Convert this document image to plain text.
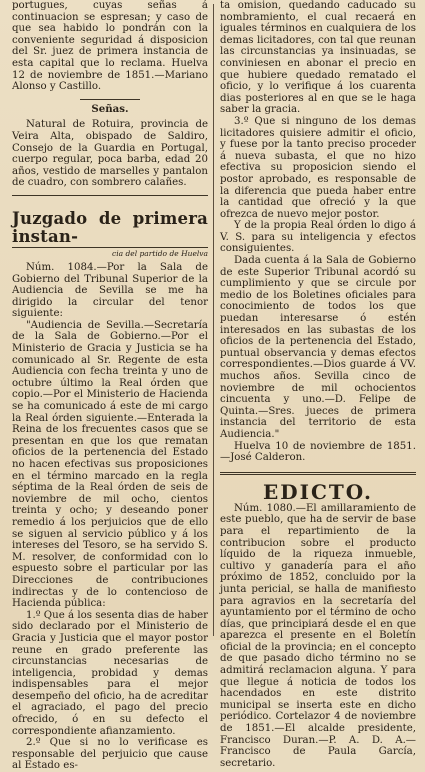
portugues, cuyas señas á continuacion se espresan; y caso de que sea habido lo pondrán con la conveniente seguridad á disposicion del Sr. juez de primera instancia de esta capital que lo reclama. Huelva 12 de noviembre de 1851.—Mariano Alonso y Castillo.

Señas.

Natural de Rotuira, provincia de Veira Alta, obispado de Saldiro, Consejo de la Guardia en Portugal, cuerpo regular, poca barba, edad 20 años, vestido de marselles y pantalon de cuadro, con sombrero calañes.

Juzgado de primera instan-

cia del partido de Huelva

Núm. 1084.—Por la Sala de Gobierno del Tribunal Superior de la Audiencia de Sevilla se me ha dirigido la circular del tenor siguiente:

"Audiencia de Sevilla.—Secretaría de la Sala de Gobierno.—Por el Ministerio de Gracia y Justicia se ha comunicado al Sr. Regente de esta Audiencia con fecha treinta y uno de octubre último la Real órden que copio.—Por el Ministerio de Hacienda se ha comunicado á este de mi cargo la Real órden siguiente.—Enterada la Reina de los frecuentes casos que se presentan en que los que rematan oficios de la pertenencia del Estado no hacen efectivas sus proposiciones en el término marcado en la regla séptima de la Real órden de seis de noviembre de mil ocho, cientos treinta y ocho; y deseando poner remedio á los perjuicios que de ello se siguen al servicio público y á los intereses del Tesoro, se ha servido S. M. resolver, de conformidad con lo espuesto sobre el particular por las Direcciones de contribuciones indirectas y de lo contencioso de Hacienda pública:

1.º Que á los sesenta dias de haber sido declarado por el Ministerio de Gracia y Justicia que el mayor postor reune en grado preferente las circunstancias necesarias de inteligencia, probidad y demas indispensables para el mejor desempeño del oficio, ha de acreditar el agraciado, el pago del precio ofrecido, ó en su defecto el correspondiente afianzamiento.

2.º Que si no lo verificase es responsable del perjuicio que cause al Estado es-

ta omision, quedando caducado su nombramiento, el cual recaerá en iguales términos en cualquiera de los demas licitadores, con tal que reunan las circunstancias ya insinuadas, se conviniesen en abonar el precio en que hubiere quedado rematado el oficio, y lo verifique á los cuarenta dias posteriores al en que se le haga saber la gracia.

3.º Que si ninguno de los demas licitadores quisiere admitir el oficio, y fuese por la tanto preciso proceder á nueva subasta, el que no hizo efectiva su proposicion siendo el postor aprobado, es responsable de la diferencia que pueda haber entre la cantidad que ofreció y la que ofrezca de nuevo mejor postor.

Y de la propia Real órden lo digo á V. S. para su inteligencia y efectos consiguientes.

Dada cuenta á la Sala de Gobierno de este Superior Tribunal acordó su cumplimiento y que se circule por medio de los Boletines oficiales para conocimiento de todos los que puedan interesarse ó estén interesados en las subastas de los oficios de la pertenencia del Estado, puntual observancia y demas efectos correspondientes.—Dios guarde á VV. muchos años. Sevilla cinco de noviembre de mil ochocientos cincuenta y uno.—D. Felipe de Quinta.—Sres. jueces de primera instancia del territorio de esta Audiencia."

Huelva 10 de noviembre de 1851.—José Calderon.

EDICTO.

Núm. 1080.—El amillaramiento de este pueblo, que ha de servir de base para el repartimiento de la contribucion sobre el producto líquido de la riqueza inmueble, cultivo y ganadería para el año próximo de 1852, concluido por la junta pericial, se halla de manifiesto para agravios en la secretaría del ayuntamiento por el término de ocho días, que principiará desde el en que aparezca el presente en el Boletín oficial de la provincia; en el concepto de que pasado dicho término no se admitirá reclamacion alguna. Y para que llegue á noticia de todos los hacendados en este distrito municipal se inserta este en dicho periódico. Cortelazor 4 de noviembre de 1851.—El alcalde presidente, Francisco Duran.—P. A. D. A.—Francisco de Paula García, secretario.
